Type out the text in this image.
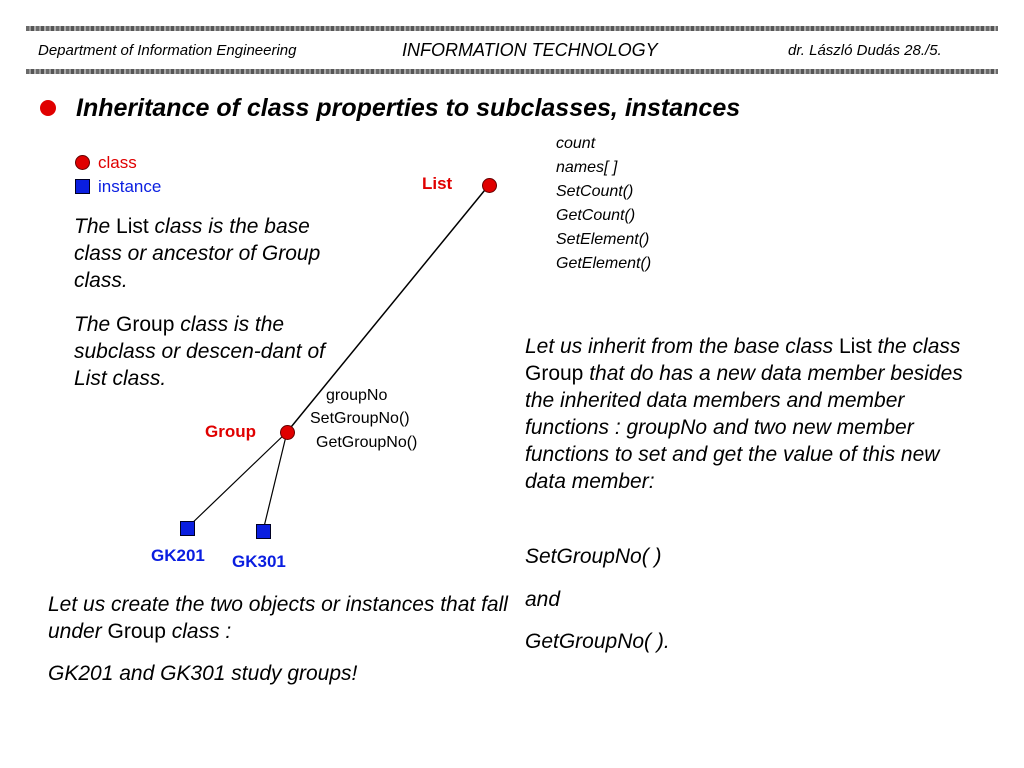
Department of Information Engineering	INFORMATION TECHNOLOGY	dr. László Dudás 28./5.
Inheritance of class properties to subclasses, instances
class
instance
The List class is the base class or ancestor of Group class.
The Group class is the subclass or descen-dant of List class.
List
Group
GK201 GK301
count
names[ ]
SetCount()
GetCount()
SetElement()
GetElement()
groupNo
SetGroupNo()
GetGroupNo()
Let us inherit from the base class List the class Group that do has a new data member besides the inherited data members and member functions : groupNo and two new member functions to set and get the value of this new data member:
SetGroupNo( )
and
GetGroupNo( ).
Let us create the two objects or instances that fall under Group class :
GK201 and GK301 study groups!
